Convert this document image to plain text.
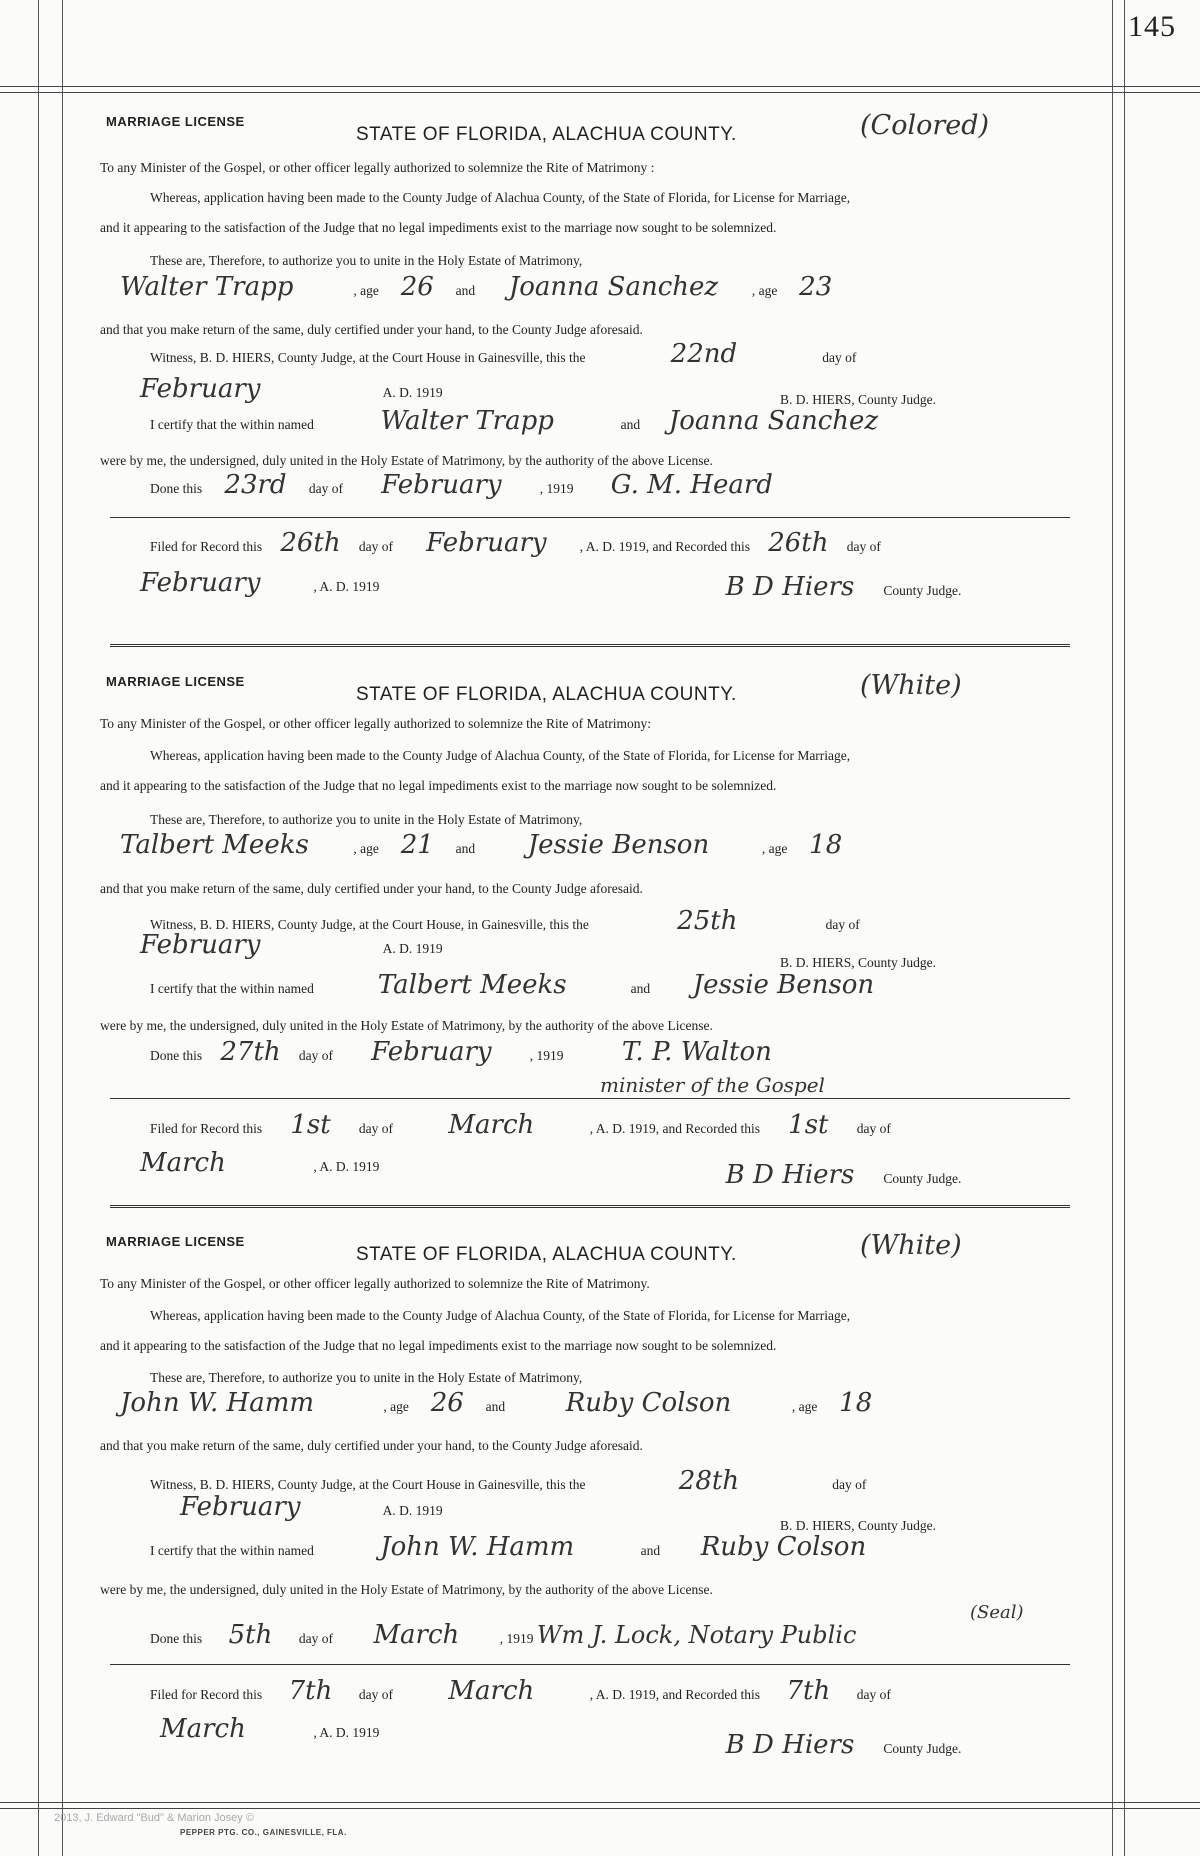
145
MARRIAGE LICENSE
STATE OF FLORIDA, ALACHUA COUNTY.	(Colored)
To any Minister of the Gospel, or other officer legally authorized to solemnize the Rite of Matrimony :
Whereas, application having been made to the County Judge of Alachua County, of the State of Florida, for License for Marriage,
and it appearing to the satisfaction of the Judge that no legal impediments exist to the marriage now sought to be solemnized.
These are, Therefore, to authorize you to unite in the Holy Estate of Matrimony,
Walter Trapp	, age 26 and Joanna Sanchez , age 23
and that you make return of the same, duly certified under your hand, to the County Judge aforesaid.
Witness, B. D. HIERS, County Judge, at the Court House in Gainesville, this the	22nd	day of
February	A. D. 1919	B. D. HIERS, County Judge.
I certify that the within named	Walter Trapp	and Joanna Sanchez
were by me, the undersigned, duly united in the Holy Estate of Matrimony, by the authority of the above License.
Done this 23rd day of February	, 1919 G. M. Heard
Filed for Record this 26th day of February , A. D. 1919, and Recorded this 26th day of
February	, A. D. 1919	B D Hiers County Judge.
MARRIAGE LICENSE
STATE OF FLORIDA, ALACHUA COUNTY.	(White)
To any Minister of the Gospel, or other officer legally authorized to solemnize the Rite of Matrimony:
Whereas, application having been made to the County Judge of Alachua County, of the State of Florida, for License for Marriage,
and it appearing to the satisfaction of the Judge that no legal impediments exist to the marriage now sought to be solemnized.
These are, Therefore, to authorize you to unite in the Holy Estate of Matrimony,
Talbert Meeks	, age 21 and Jessie Benson	, age 18
and that you make return of the same, duly certified under your hand, to the County Judge aforesaid.
Witness, B. D. HIERS, County Judge, at the Court House, in Gainesville, this the	25th	day of
February	A. D. 1919
B. D. HIERS, County Judge.
I certify that the within named Talbert Meeks	and Jessie Benson
were by me, the undersigned, duly united in the Holy Estate of Matrimony, by the authority of the above License.
Done this 27th day of February	, 1919 T. P. Walton
minister of the Gospel
Filed for Record this 1st day of March	, A. D. 1919, and Recorded this 1st day of
March	, A. D. 1919	B D Hiers County Judge.
MARRIAGE LICENSE
STATE OF FLORIDA, ALACHUA COUNTY.	(White)
To any Minister of the Gospel, or other officer legally authorized to solemnize the Rite of Matrimony.
Whereas, application having been made to the County Judge of Alachua County, of the State of Florida, for License for Marriage,
and it appearing to the satisfaction of the Judge that no legal impediments exist to the marriage now sought to be solemnized.
These are, Therefore, to authorize you to unite in the Holy Estate of Matrimony,
John W. Hamm	, age 26 and Ruby Colson	, age 18
and that you make return of the same, duly certified under your hand, to the County Judge aforesaid.
Witness, B. D. HIERS, County Judge, at the Court House in Gainesville, this the	28th	day of
February	A. D. 1919
B. D. HIERS, County Judge.
I certify that the within named	John W. Hamm	and Ruby Colson
were by me, the undersigned, duly united in the Holy Estate of Matrimony, by the authority of the above License.
(Seal)
Done this 5th day of March	, 1919 Wm J. Lock, Notary Public
Filed for Record this 7th day of March	, A. D. 1919, and Recorded this 7th day of
March	, A. D. 1919	B D Hiers County Judge.
2013, J. Edward "Bud" & Marion Josey ©
PEPPER PTG. CO., GAINESVILLE, FLA.
